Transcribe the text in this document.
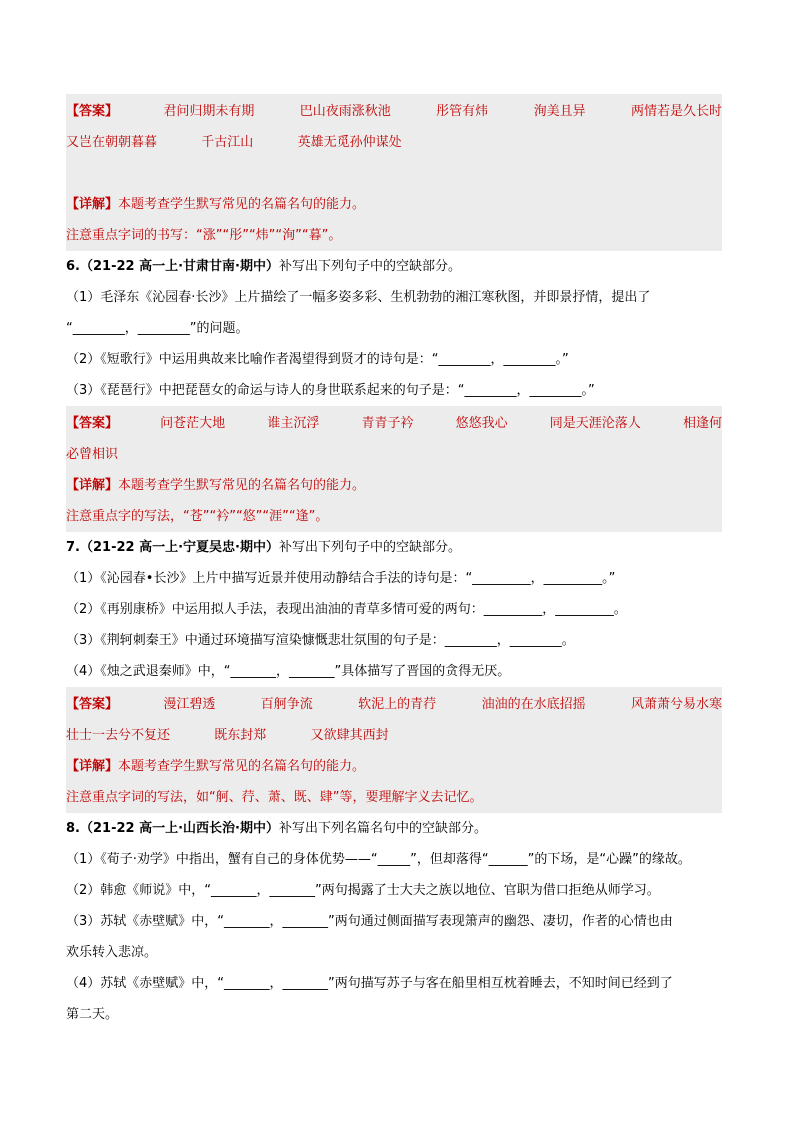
【答案】	君问归期未有期	巴山夜雨涨秋池	彤管有炜	洵美且异	两情若是久长时
又岂在朝朝暮暮	千古江山	英雄无觅孙仲谋处
【详解】本题考查学生默写常见的名篇名句的能力。
注意重点字词的书写：“涨”“彤”“炜”“洵”“暮”。
6.（21-22 高一上·甘肃甘南·期中）补写出下列句子中的空缺部分。
（1）毛泽东《沁园春·长沙》上片描绘了一幅多姿多彩、生机勃勃的湘江寒秋图，并即景抒情，提出了
“________，________”的问题。
（2）《短歌行》中运用典故来比喻作者渴望得到贤才的诗句是：“________，________。”
（3）《琵琶行》中把琵琶女的命运与诗人的身世联系起来的句子是：“________，________。”
【答案】	问苍茫大地	谁主沉浮	青青子衿	悠悠我心	同是天涯沦落人	相逢何
必曾相识
【详解】本题考查学生默写常见的名篇名句的能力。
注意重点字的写法，“苍”“衿”“悠”“涯”“逢”。
7.（21-22 高一上·宁夏吴忠·期中）补写出下列句子中的空缺部分。
（1）《沁园春•长沙》上片中描写近景并使用动静结合手法的诗句是：“_________，_________。”
（2）《再别康桥》中运用拟人手法，表现出油油的青草多情可爱的两句：_________，_________。
（3）《荆轲刺秦王》中通过环境描写渲染慷慨悲壮氛围的句子是：________，________。
（4）《烛之武退秦师》中，“_______，_______”具体描写了晋国的贪得无厌。
【答案】	漫江碧透	百舸争流	软泥上的青荇	油油的在水底招摇	风萧萧兮易水寒
壮士一去兮不复还	既东封郑	又欲肆其西封
【详解】本题考查学生默写常见的名篇名句的能力。
注意重点字词的写法，如“舸、荇、萧、既、肆”等，要理解字义去记忆。
8.（21-22 高一上·山西长治·期中）补写出下列名篇名句中的空缺部分。
（1）《荀子·劝学》中指出，蟹有自己的身体优势——“_____”，但却落得“______”的下场，是“心躁”的缘故。
（2）韩愈《师说》中，“_______，_______”两句揭露了士大夫之族以地位、官职为借口拒绝从师学习。
（3）苏轼《赤壁赋》中，“_______，_______”两句通过侧面描写表现箫声的幽怨、凄切，作者的心情也由
欢乐转入悲凉。
（4）苏轼《赤壁赋》中，“_______，_______”两句描写苏子与客在船里相互枕着睡去，不知时间已经到了
第二天。
